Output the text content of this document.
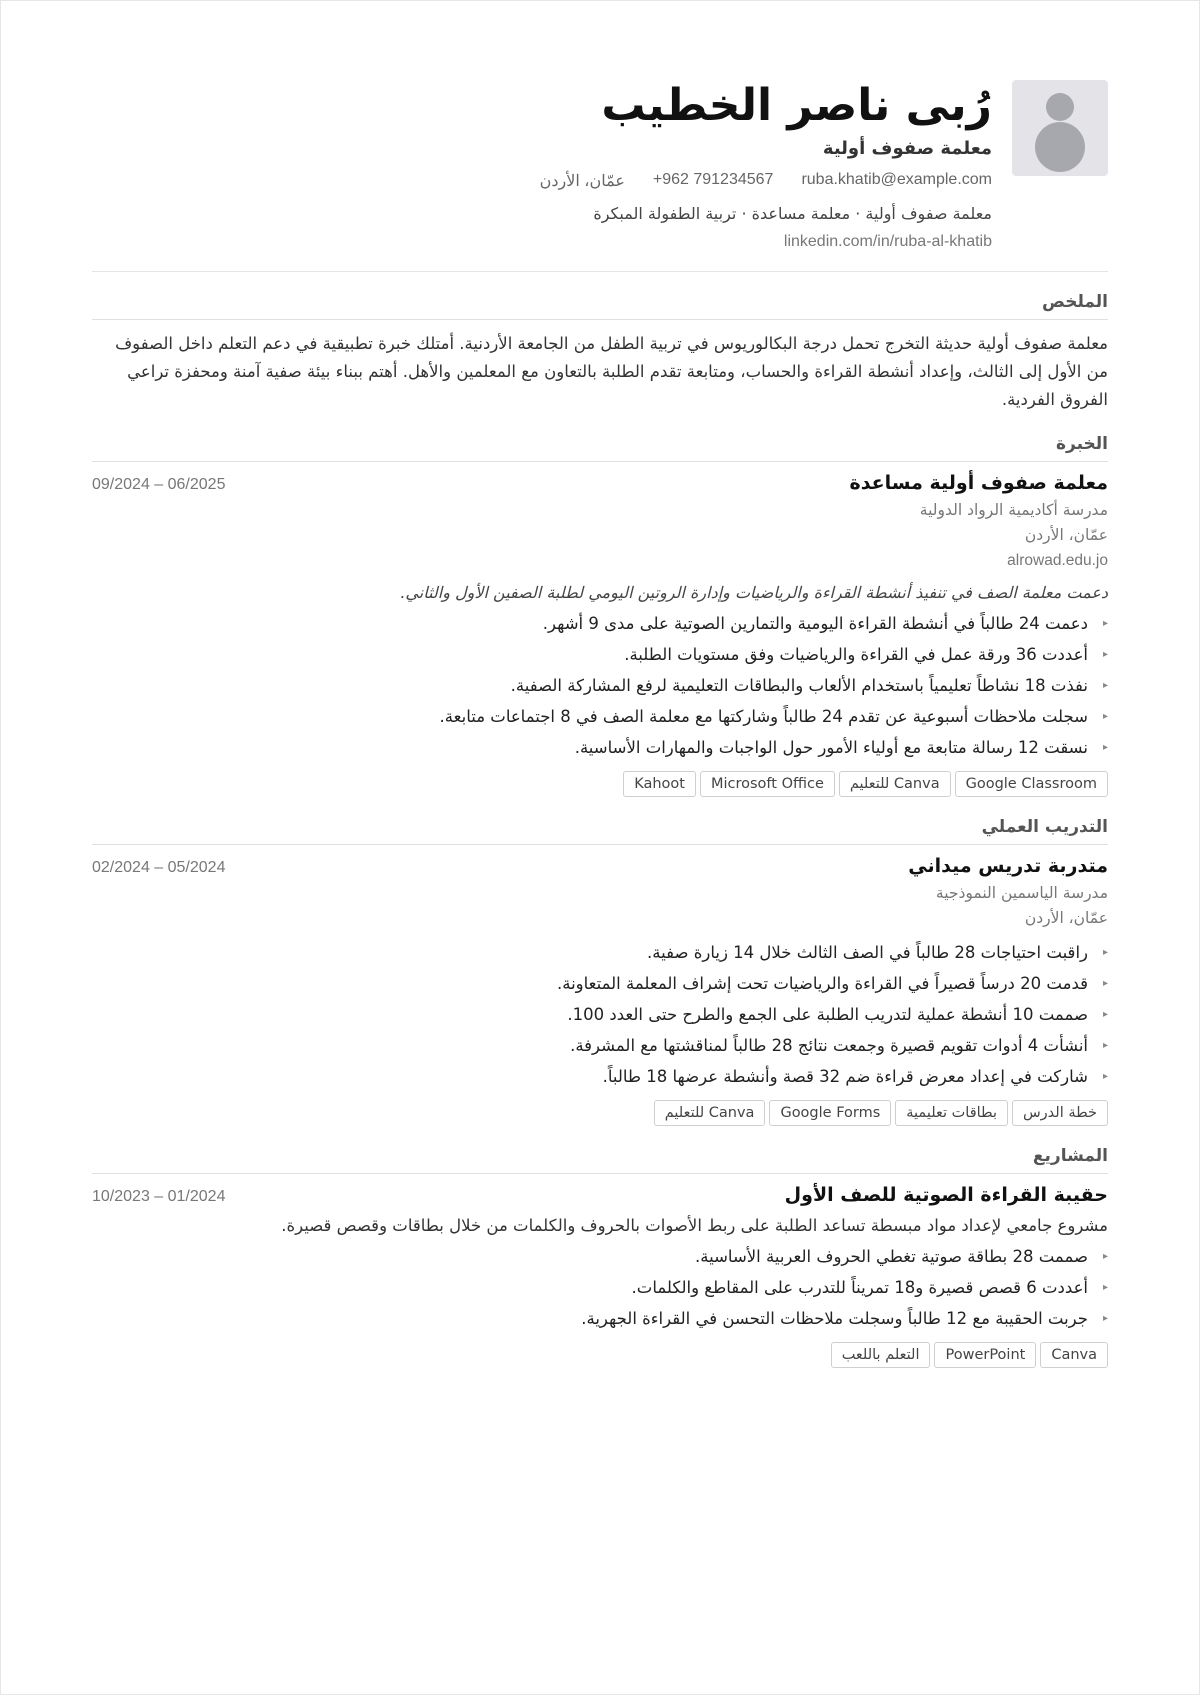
رُبى ناصر الخطيب
معلمة صفوف أولية
ruba.khatib@example.com
+962 791234567
عمّان، الأردن
معلمة صفوف أولية · معلمة مساعدة · تربية الطفولة المبكرة
linkedin.com/in/ruba-al-khatib
الملخص
معلمة صفوف أولية حديثة التخرج تحمل درجة البكالوريوس في تربية الطفل من الجامعة الأردنية. أمتلك خبرة تطبيقية في دعم التعلم داخل الصفوف من الأول إلى الثالث، وإعداد أنشطة القراءة والحساب، ومتابعة تقدم الطلبة بالتعاون مع المعلمين والأهل. أهتم ببناء بيئة صفية آمنة ومحفزة تراعي الفروق الفردية.
الخبرة
معلمة صفوف أولية مساعدة
09/2024 – 06/2025
مدرسة أكاديمية الرواد الدولية
عمّان، الأردن
alrowad.edu.jo
دعمت معلمة الصف في تنفيذ أنشطة القراءة والرياضيات وإدارة الروتين اليومي لطلبة الصفين الأول والثاني.
▸
دعمت 24 طالباً في أنشطة القراءة اليومية والتمارين الصوتية على مدى 9 أشهر.
▸
أعددت 36 ورقة عمل في القراءة والرياضيات وفق مستويات الطلبة.
▸
نفذت 18 نشاطاً تعليمياً باستخدام الألعاب والبطاقات التعليمية لرفع المشاركة الصفية.
▸
سجلت ملاحظات أسبوعية عن تقدم 24 طالباً وشاركتها مع معلمة الصف في 8 اجتماعات متابعة.
▸
نسقت 12 رسالة متابعة مع أولياء الأمور حول الواجبات والمهارات الأساسية.
Google Classroom
Canva للتعليم
Microsoft Office
Kahoot
التدريب العملي
متدربة تدريس ميداني
02/2024 – 05/2024
مدرسة الياسمين النموذجية
عمّان، الأردن
▸
راقبت احتياجات 28 طالباً في الصف الثالث خلال 14 زيارة صفية.
▸
قدمت 20 درساً قصيراً في القراءة والرياضيات تحت إشراف المعلمة المتعاونة.
▸
صممت 10 أنشطة عملية لتدريب الطلبة على الجمع والطرح حتى العدد 100.
▸
أنشأت 4 أدوات تقويم قصيرة وجمعت نتائج 28 طالباً لمناقشتها مع المشرفة.
▸
شاركت في إعداد معرض قراءة ضم 32 قصة وأنشطة عرضها 18 طالباً.
خطة الدرس
بطاقات تعليمية
Google Forms
Canva للتعليم
المشاريع
حقيبة القراءة الصوتية للصف الأول
10/2023 – 01/2024
مشروع جامعي لإعداد مواد مبسطة تساعد الطلبة على ربط الأصوات بالحروف والكلمات من خلال بطاقات وقصص قصيرة.
▸
صممت 28 بطاقة صوتية تغطي الحروف العربية الأساسية.
▸
أعددت 6 قصص قصيرة و18 تمريناً للتدرب على المقاطع والكلمات.
▸
جربت الحقيبة مع 12 طالباً وسجلت ملاحظات التحسن في القراءة الجهرية.
Canva
PowerPoint
التعلم باللعب
